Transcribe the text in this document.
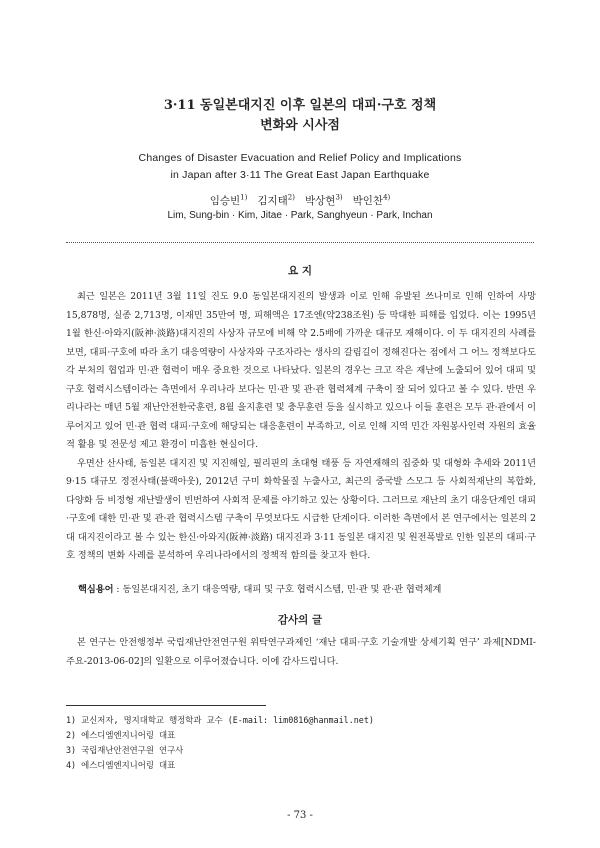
3·11 동일본대지진 이후 일본의 대피·구호 정책
변화와 시사점
Changes of Disaster Evacuation and Relief Policy and Implications
in Japan after 3·11 The Great East Japan Earthquake
임승빈$^{1)}$ 김지태$^{2)}$ 박상현$^{3)}$ 박인찬$^{4)}$
Lim, Sung-bin · Kim, Jitae · Park, Sanghyeun · Park, Inchan
요 지

최근 일본은 2011년 3월 11일 진도 9.0 동일본대지진의 발생과 이로 인해 유발된 쓰나미로 인해 인하여 사망 15,878명, 실종 2,713명, 이재민 35만여 명, 피해액은 17조엔(약238조원) 등 막대한 피해를 입었다. 이는 1995년 1월 한신·아와지(阪神·淡路)대지진의 사상자 규모에 비해 약 2.5배에 가까운 대규모 재해이다. 이 두 대지진의 사례를 보면, 대피·구호에 따라 초기 대응역량이 사상자와 구조자라는 생사의 갈림길이 정해진다는 점에서 그 어느 정책보다도 각 부처의 협업과 민·관 협력이 매우 중요한 것으로 나타났다. 일본의 경우는 크고 작은 재난에 노출되어 있어 대피 및 구호 협력시스템이라는 측면에서 우리나라 보다는 민·관 및 관·관 협력체계 구축이 잘 되어 있다고 볼 수 있다. 반면 우리나라는 매년 5월 재난안전한국훈련, 8월 을지훈련 및 충무훈련 등을 실시하고 있으나 이들 훈련은 모두 관·관에서 이루어지고 있어 민·관 협력 대피·구호에 해당되는 대응훈련이 부족하고, 이로 인해 지역 민간 자원봉사인력 자원의 효율적 활용 및 전문성 제고 환경이 미흡한 현실이다.

우면산 산사태, 동일본 대지진 및 지진해일, 필리핀의 초대형 태풍 등 자연재해의 집중화 및 대형화 추세와 2011년 9·15 대규모 정전사태(블랙아웃), 2012년 구미 화학물질 누출사고, 최근의 중국발 스모그 등 사회적재난의 복합화, 다양화 등 비정형 재난발생이 빈번하여 사회적 문제를 야기하고 있는 상황이다. 그러므로 재난의 초기 대응단계인 대피·구호에 대한 민·관 및 관·관 협력시스템 구축이 무엇보다도 시급한 단계이다. 이러한 측면에서 본 연구에서는 일본의 2대 대지진이라고 볼 수 있는 한신·아와지(阪神·淡路) 대지진과 3·11 동일본 대지진 및 원전폭발로 인한 일본의 대피·구호 정책의 변화 사례를 분석하여 우리나라에서의 정책적 함의를 찾고자 한다.

핵심용어 : 동일본대지진, 초기 대응역량, 대피 및 구호 협력시스템, 민·관 및 관·관 협력체계
감사의 글

본 연구는 안전행정부 국립재난안전연구원 위탁연구과제인 ‘재난 대피·구호 기술개발 상세기획 연구’ 과제[NDMI-주요-2013-06-02]의 일환으로 이루어졌습니다. 이에 감사드립니다.

1) 교신저자, 명지대학교 행정학과 교수 (E-mail: lim0816@hanmail.net)
2) 에스디엠엔지니어링 대표
3) 국립재난안전연구원 연구사
4) 에스디엠엔지니어링 대표
- 73 -
